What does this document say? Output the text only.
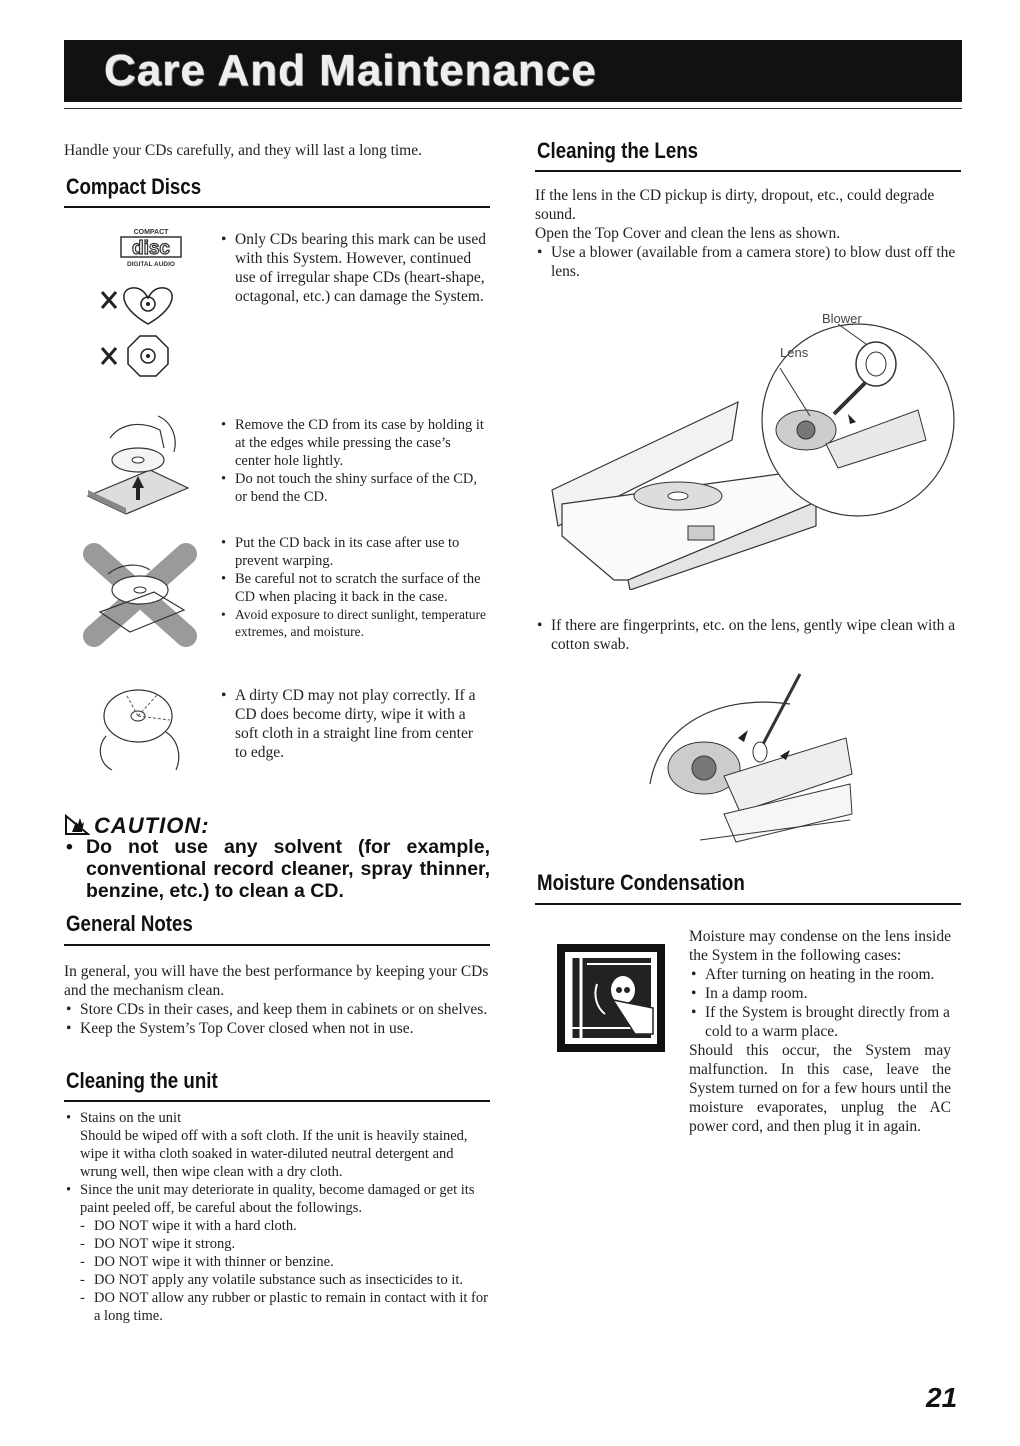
Care And Maintenance
Handle your CDs carefully, and they will last a long time.
Compact Discs
COMPACT
disc
DIGITAL AUDIO
• Only CDs bearing this mark can be used with this System. However, continued use of irregular shape CDs (heart-shape, octagonal, etc.) can damage the System.
• Remove the CD from its case by holding it at the edges while pressing the case’s center hole lightly.
• Do not touch the shiny surface of the CD, or bend the CD.
• Put the CD back in its case after use to prevent warping.
• Be careful not to scratch the surface of the CD when placing it back in the case.
• Avoid exposure to direct sunlight, temperature extremes, and moisture.
• A dirty CD may not play correctly. If a CD does become dirty, wipe it with a soft cloth in a straight line from center to edge.
CAUTION:
• Do not use any solvent (for example, conventional record cleaner, spray thinner, benzine, etc.) to clean a CD.
General Notes
In general, you will have the best performance by keeping your CDs and the mechanism clean.
• Store CDs in their cases, and keep them in cabinets or on shelves.
• Keep the System’s Top Cover closed when not in use.
Cleaning the unit
• Stains on the unit
Should be wiped off with a soft cloth. If the unit is heavily stained, wipe it witha cloth soaked in water-diluted neutral detergent and wrung well, then wipe clean with a dry cloth.
• Since the unit may deteriorate in quality, become damaged or get its paint peeled off, be careful about the followings.
- DO NOT wipe it with a hard cloth.
- DO NOT wipe it strong.
- DO NOT wipe it with thinner or benzine.
- DO NOT apply any volatile substance such as insecticides to it.
- DO NOT allow any rubber or plastic to remain in contact with it for a long time.
Cleaning the Lens
If the lens in the CD pickup is dirty, dropout, etc., could degrade sound.
Open the Top Cover and clean the lens as shown.
• Use a blower (available from a camera store) to blow dust off the lens.
Blower
Lens
• If there are fingerprints, etc. on the lens, gently wipe clean with a cotton swab.
Moisture Condensation
Moisture may condense on the lens inside the System in the following cases:
• After turning on heating in the room.
• In a damp room.
• If the System is brought directly from a cold to a warm place.
Should this occur, the System may malfunction. In this case, leave the System turned on for a few hours until the moisture evaporates, unplug the AC power cord, and then plug it in again.
21
